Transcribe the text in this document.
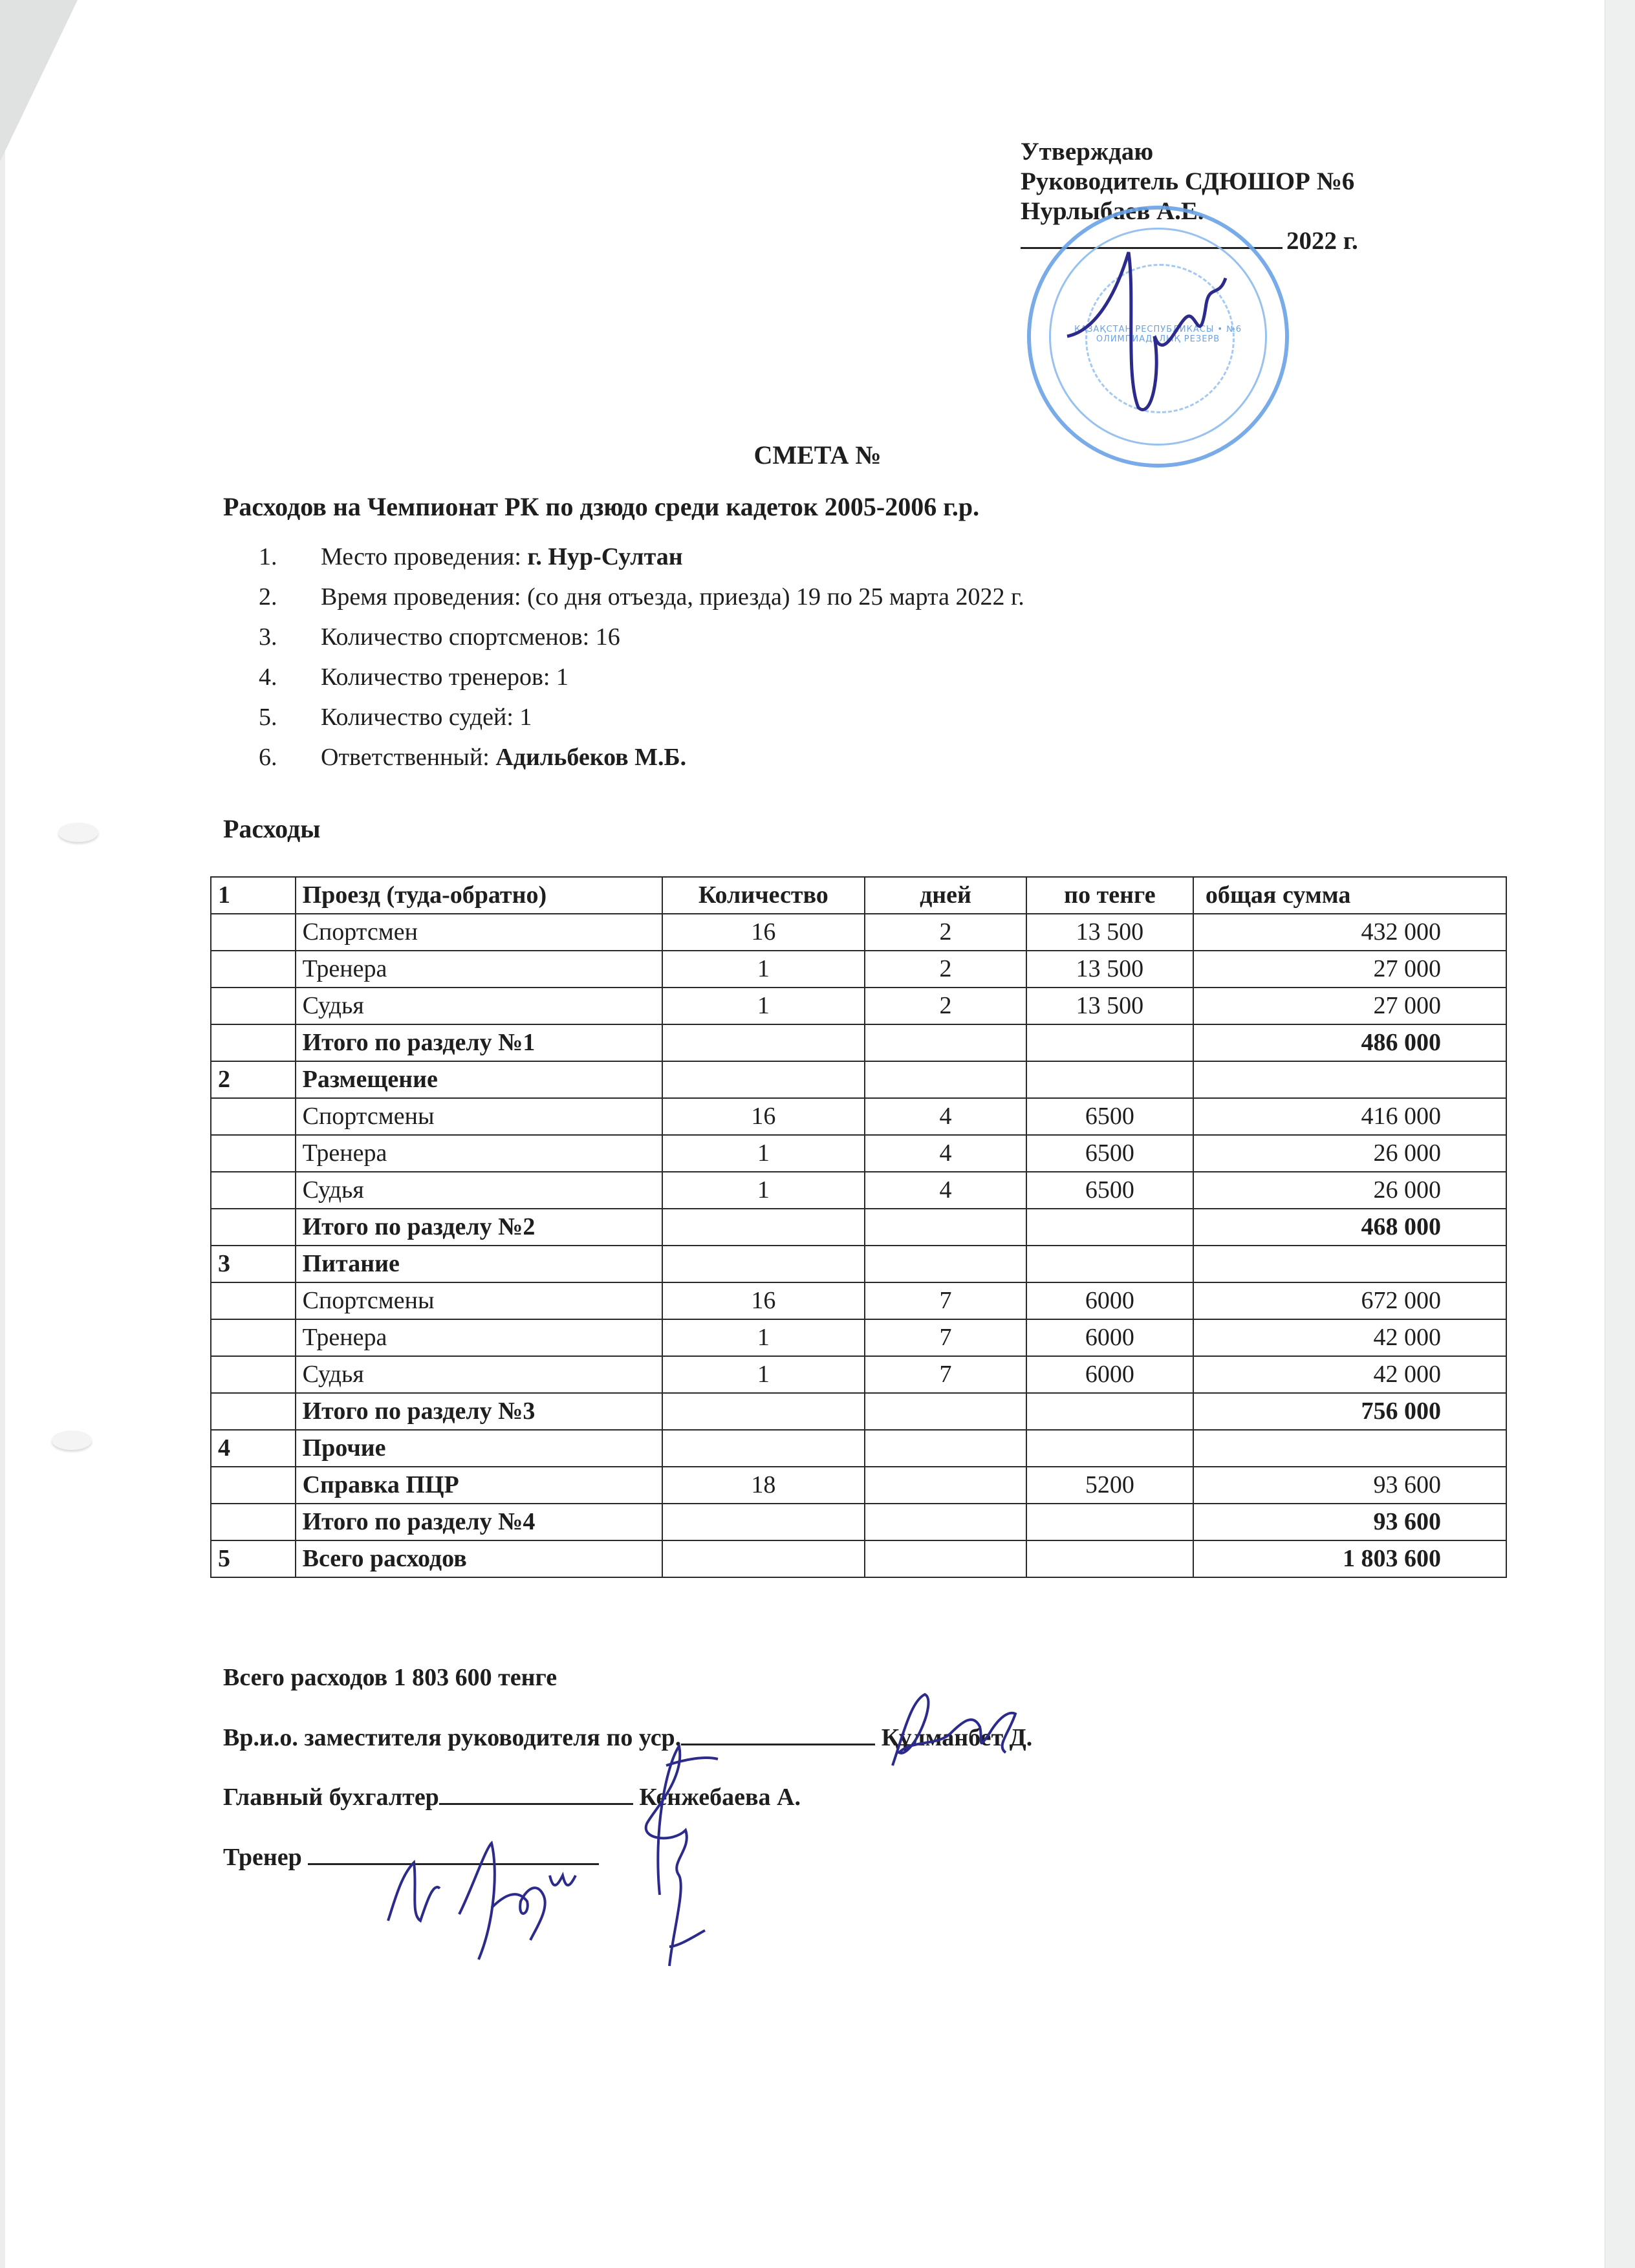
Утверждаю
Руководитель СДЮШОР №6
Нурлыбаев А.Е.
2022 г.
ҚАЗАҚСТАН РЕСПУБЛИКАСЫ • №6 ОЛИМПИАДАЛЫҚ РЕЗЕРВ
СМЕТА №
Расходов на Чемпионат РК по дзюдо среди кадеток 2005-2006 г.р.
1. Место проведения: г. Нур-Султан
2. Время проведения: (со дня отъезда, приезда) 19 по 25 марта 2022 г.
3. Количество спортсменов: 16
4. Количество тренеров: 1
5. Количество судей: 1
6. Ответственный: Адильбеков М.Б.
Расходы
1	Проезд (туда-обратно)	Количество	дней	по тенге	общая сумма
	Спортсмен	16	2	13 500	432 000
	Тренера	1	2	13 500	27 000
	Судья	1	2	13 500	27 000
	Итого по разделу №1				486 000
2	Размещение				
	Спортсмены	16	4	6500	416 000
	Тренера	1	4	6500	26 000
	Судья	1	4	6500	26 000
	Итого по разделу №2				468 000
3	Питание				
	Спортсмены	16	7	6000	672 000
	Тренера	1	7	6000	42 000
	Судья	1	7	6000	42 000
	Итого по разделу №3				756 000
4	Прочие				
	Справка ПЦР	18		5200	93 600
	Итого по разделу №4				93 600
5	Всего расходов				1 803 600
Всего расходов 1 803 600 тенге
Вр.и.о. заместителя руководителя по уср.	Құлманбет Д.
Главный бухгалтер	Кенжебаева А.
Тренер
